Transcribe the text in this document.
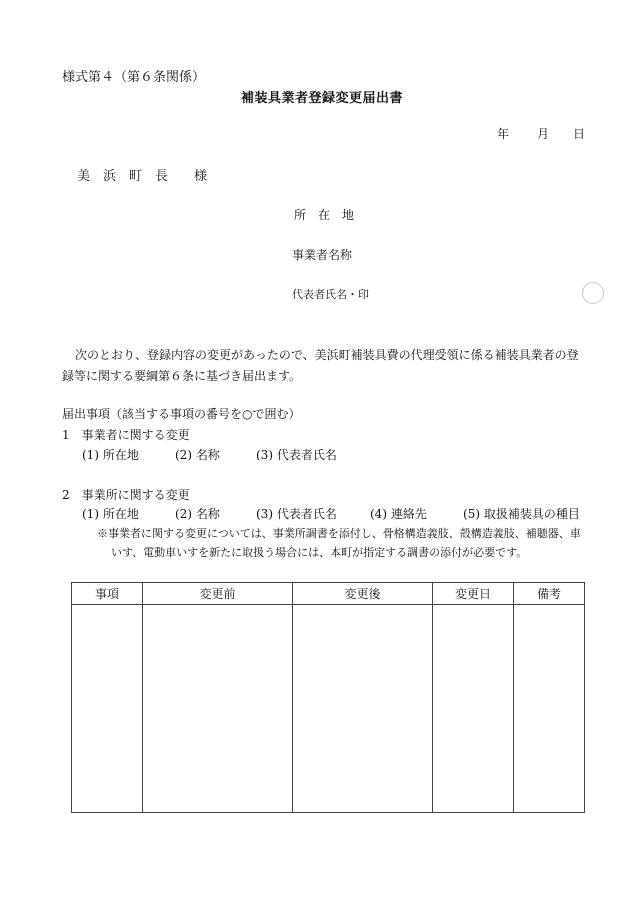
様式第４（第６条関係）
補装具業者登録変更届出書
年 月 日
美　浜　町　長　　様
所　在　地
事業者名称
代表者氏名・印
次のとおり、登録内容の変更があったので、美浜町補装具費の代理受領に係る補装具業者の登
録等に関する要綱第６条に基づき届出ます。
届出事項（該当する事項の番号を○で囲む）
1　事業者に関する変更
(1) 所在地	(2) 名称	(3) 代表者氏名
2　事業所に関する変更
(1) 所在地	(2) 名称	(3) 代表者氏名	(4) 連絡先	(5) 取扱補装具の種目
※事業者に関する変更については、事業所調書を添付し、骨格構造義肢、殻構造義肢、補聴器、車
いす、電動車いすを新たに取扱う場合には、本町が指定する調書の添付が必要です。
事項	変更前	変更後	変更日	備考
